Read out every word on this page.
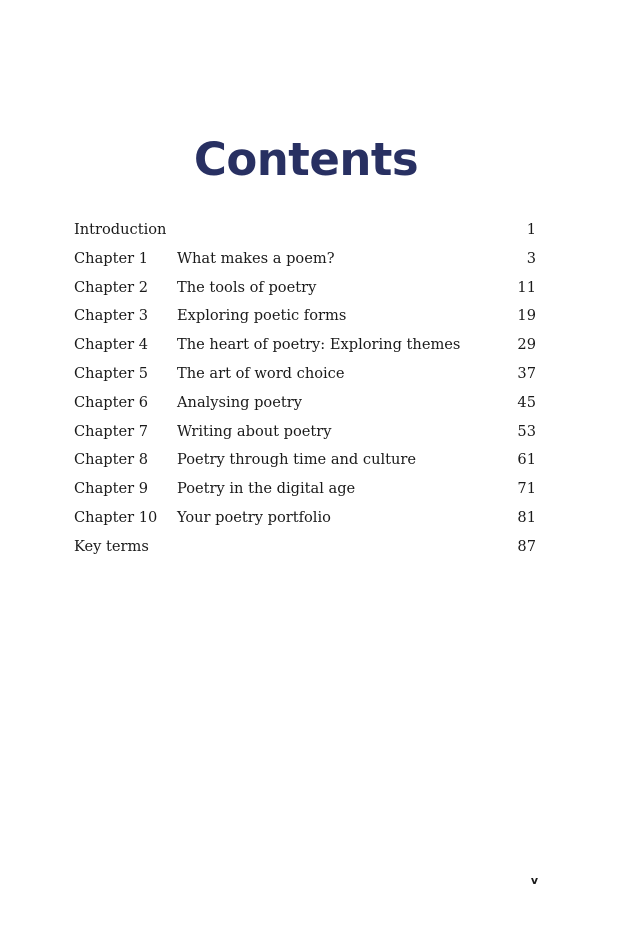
Contents
Introduction	1
Chapter 1 What makes a poem?	3
Chapter 2 The tools of poetry	11
Chapter 3 Exploring poetic forms	19
Chapter 4 The heart of poetry: Exploring themes	29
Chapter 5 The art of word choice	37
Chapter 6 Analysing poetry	45
Chapter 7 Writing about poetry	53
Chapter 8 Poetry through time and culture	61
Chapter 9 Poetry in the digital age	71
Chapter 10 Your poetry portfolio	81
Key terms	87
v
